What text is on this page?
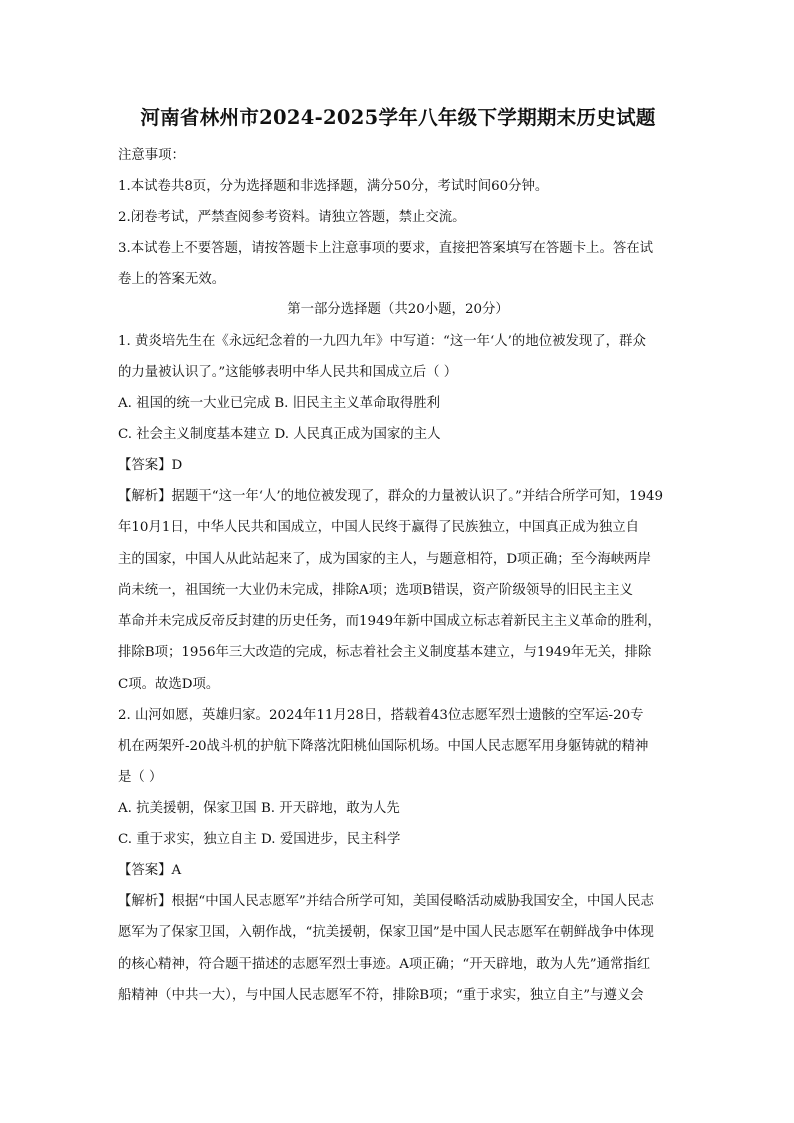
河南省林州市2024-2025学年八年级下学期期末历史试题
注意事项：
1.本试卷共8页，分为选择题和非选择题，满分50分，考试时间60分钟。
2.闭卷考试，严禁查阅参考资料。请独立答题，禁止交流。
3.本试卷上不要答题，请按答题卡上注意事项的要求，直接把答案填写在答题卡上。答在试
卷上的答案无效。
第一部分选择题（共20小题，20分）
1. 黄炎培先生在《永远纪念着的一九四九年》中写道：“这一年‘人’的地位被发现了，群众
的力量被认识了。”这能够表明中华人民共和国成立后（ ）
A. 祖国的统一大业已完成 B. 旧民主主义革命取得胜利
C. 社会主义制度基本建立 D. 人民真正成为国家的主人
【答案】D
【解析】据题干“这一年‘人’的地位被发现了，群众的力量被认识了。”并结合所学可知，1949
年10月1日，中华人民共和国成立，中国人民终于赢得了民族独立，中国真正成为独立自
主的国家，中国人从此站起来了，成为国家的主人，与题意相符，D项正确；至今海峡两岸
尚未统一，祖国统一大业仍未完成，排除A项；选项B错误，资产阶级领导的旧民主主义
革命并未完成反帝反封建的历史任务，而1949年新中国成立标志着新民主主义革命的胜利，
排除B项；1956年三大改造的完成，标志着社会主义制度基本建立，与1949年无关，排除
C项。故选D项。
2. 山河如愿，英雄归家。2024年11月28日，搭载着43位志愿军烈士遗骸的空军运-20专
机在两架歼-20战斗机的护航下降落沈阳桃仙国际机场。中国人民志愿军用身躯铸就的精神
是（ ）
A. 抗美援朝，保家卫国 B. 开天辟地，敢为人先
C. 重于求实，独立自主 D. 爱国进步，民主科学
【答案】A
【解析】根据“中国人民志愿军”并结合所学可知，美国侵略活动威胁我国安全，中国人民志
愿军为了保家卫国，入朝作战，“抗美援朝，保家卫国”是中国人民志愿军在朝鲜战争中体现
的核心精神，符合题干描述的志愿军烈士事迹。A项正确；“开天辟地，敢为人先”通常指红
船精神（中共一大），与中国人民志愿军不符，排除B项；“重于求实，独立自主”与遵义会
